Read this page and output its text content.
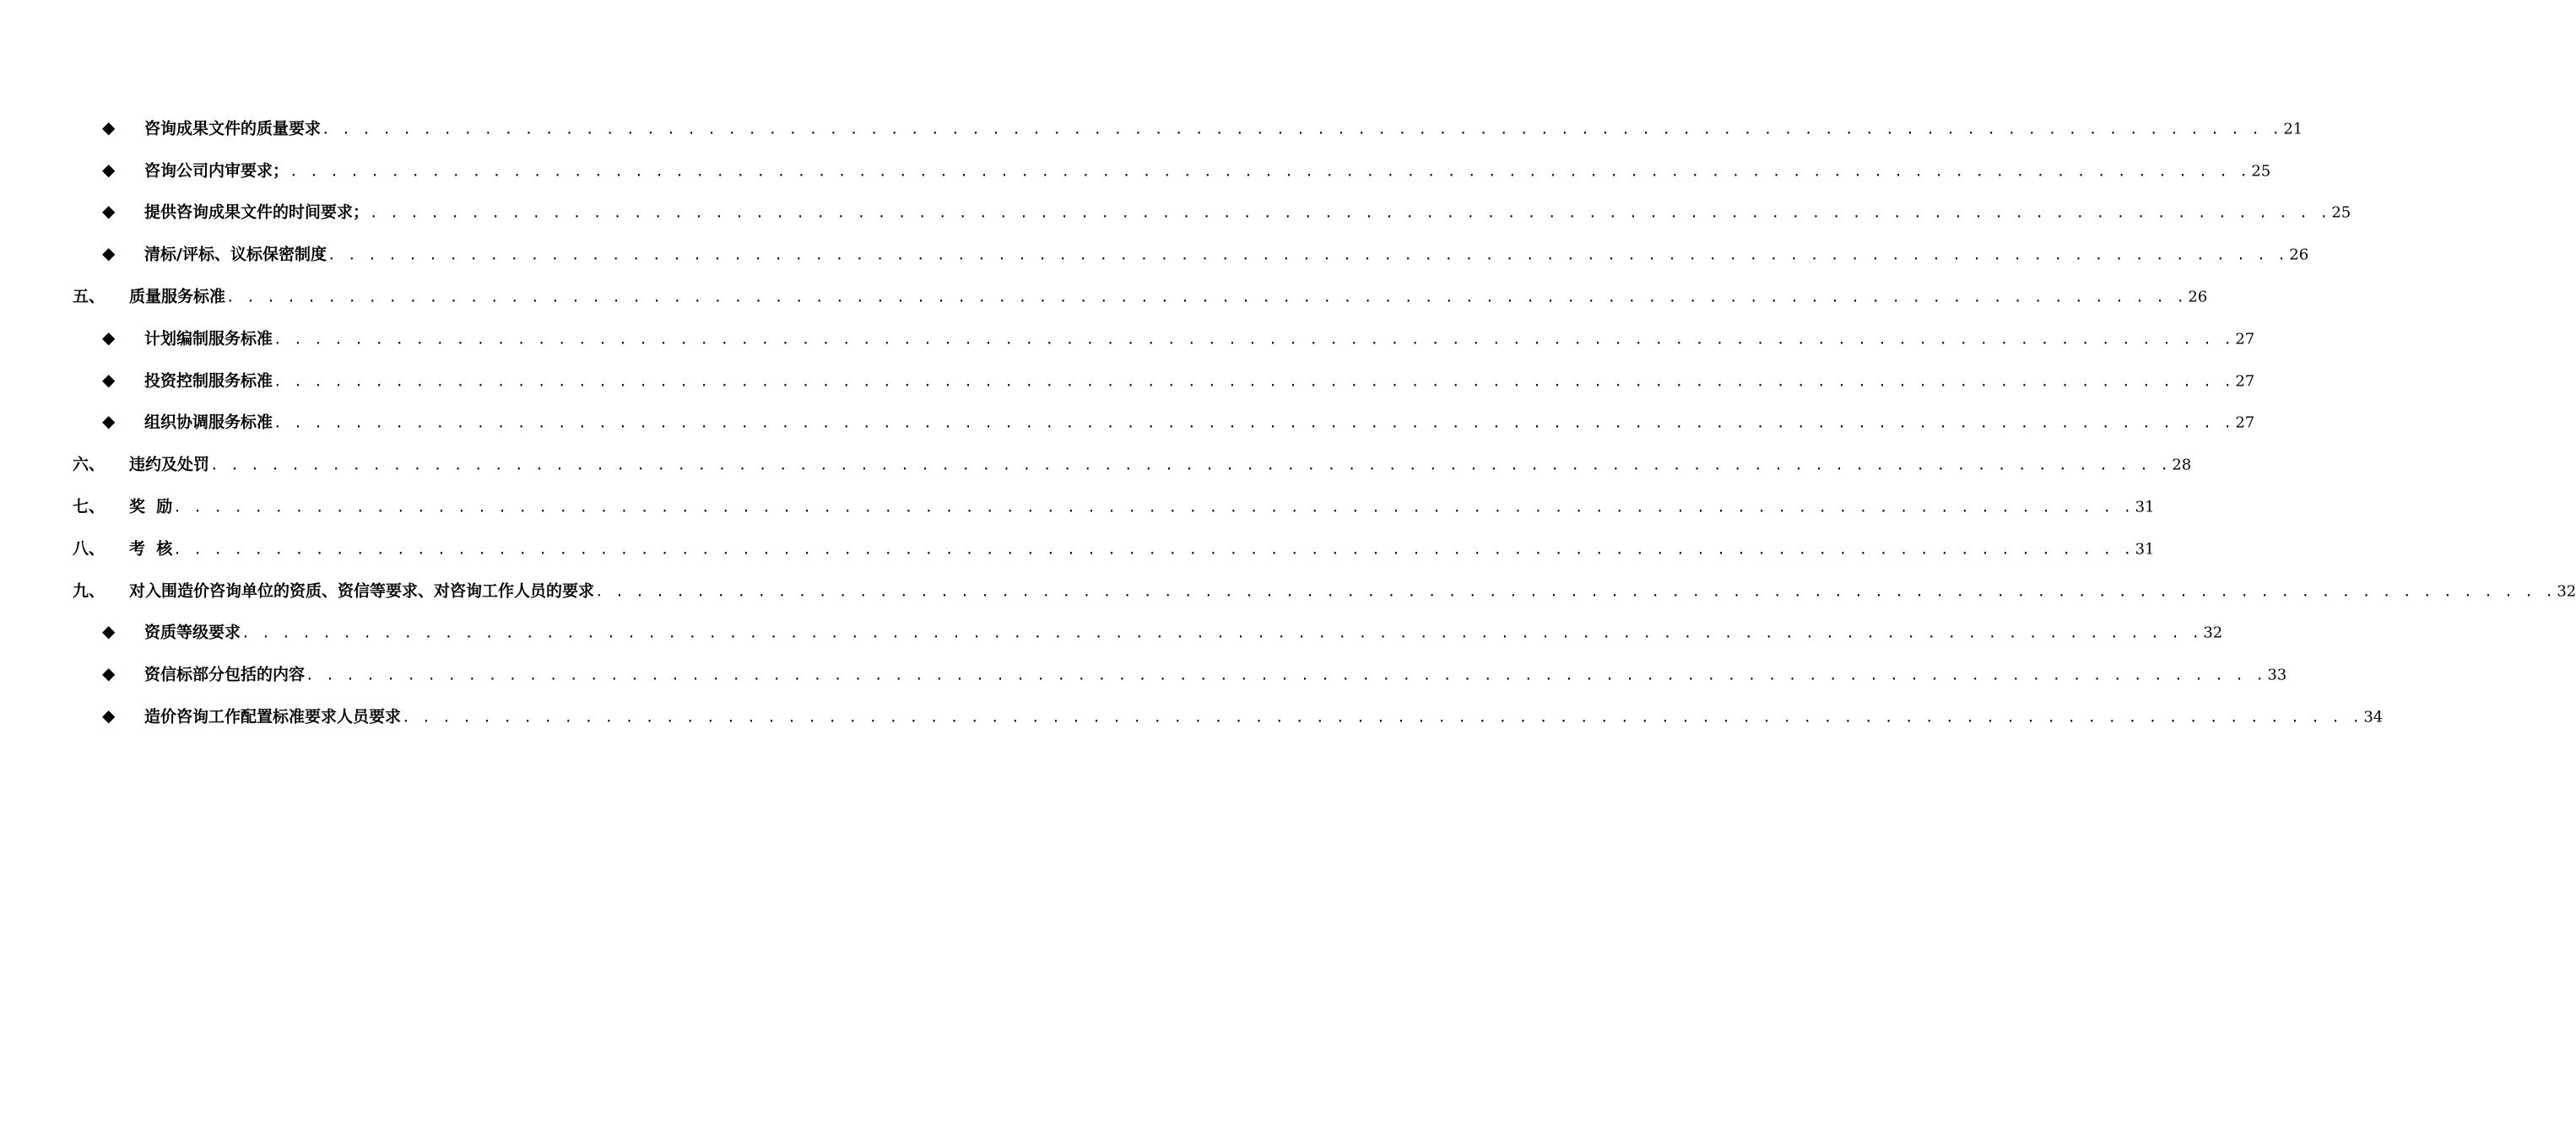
◆ 咨询成果文件的质量要求 . . . . . . . . . . . . . . . . . . . . . . . . . . . . . . . . . . . . . . . . . . . . . . . . . . . . . . . . . . . . . . . . . . . . . . . . . . . . . . . . . . . . . . . . . . . . . . . . . 21
◆ 咨询公司内审要求； . . . . . . . . . . . . . . . . . . . . . . . . . . . . . . . . . . . . . . . . . . . . . . . . . . . . . . . . . . . . . . . . . . . . . . . . . . . . . . . . . . . . . . . . . . . . . . . . . 25
◆ 提供咨询成果文件的时间要求； . . . . . . . . . . . . . . . . . . . . . . . . . . . . . . . . . . . . . . . . . . . . . . . . . . . . . . . . . . . . . . . . . . . . . . . . . . . . . . . . . . . . . . . . . . . . . . . . . 25
◆ 清标/评标、议标保密制度 . . . . . . . . . . . . . . . . . . . . . . . . . . . . . . . . . . . . . . . . . . . . . . . . . . . . . . . . . . . . . . . . . . . . . . . . . . . . . . . . . . . . . . . . . . . . . . . . . 26
五、 质量服务标准 . . . . . . . . . . . . . . . . . . . . . . . . . . . . . . . . . . . . . . . . . . . . . . . . . . . . . . . . . . . . . . . . . . . . . . . . . . . . . . . . . . . . . . . . . . . . . . . . . 26
◆ 计划编制服务标准 . . . . . . . . . . . . . . . . . . . . . . . . . . . . . . . . . . . . . . . . . . . . . . . . . . . . . . . . . . . . . . . . . . . . . . . . . . . . . . . . . . . . . . . . . . . . . . . . . 27
◆ 投资控制服务标准 . . . . . . . . . . . . . . . . . . . . . . . . . . . . . . . . . . . . . . . . . . . . . . . . . . . . . . . . . . . . . . . . . . . . . . . . . . . . . . . . . . . . . . . . . . . . . . . . . 27
◆ 组织协调服务标准 . . . . . . . . . . . . . . . . . . . . . . . . . . . . . . . . . . . . . . . . . . . . . . . . . . . . . . . . . . . . . . . . . . . . . . . . . . . . . . . . . . . . . . . . . . . . . . . . . 27
六、 违约及处罚 . . . . . . . . . . . . . . . . . . . . . . . . . . . . . . . . . . . . . . . . . . . . . . . . . . . . . . . . . . . . . . . . . . . . . . . . . . . . . . . . . . . . . . . . . . . . . . . . . 28
七、 奖  励 . . . . . . . . . . . . . . . . . . . . . . . . . . . . . . . . . . . . . . . . . . . . . . . . . . . . . . . . . . . . . . . . . . . . . . . . . . . . . . . . . . . . . . . . . . . . . . . . . 31
八、 考  核 . . . . . . . . . . . . . . . . . . . . . . . . . . . . . . . . . . . . . . . . . . . . . . . . . . . . . . . . . . . . . . . . . . . . . . . . . . . . . . . . . . . . . . . . . . . . . . . . . 31
九、 对入围造价咨询单位的资质、资信等要求、对咨询工作人员的要求 . . . . . . . . . . . . . . . . . . . . . . . . . . . . . . . . . . . . . . . . . . . . . . . . . . . . . . . . . . . . . . . . . . . . . . . . . . . . . . . . . . . . . . . . . . . . . . . . . 32
◆ 资质等级要求 . . . . . . . . . . . . . . . . . . . . . . . . . . . . . . . . . . . . . . . . . . . . . . . . . . . . . . . . . . . . . . . . . . . . . . . . . . . . . . . . . . . . . . . . . . . . . . . . . 32
◆ 资信标部分包括的内容 . . . . . . . . . . . . . . . . . . . . . . . . . . . . . . . . . . . . . . . . . . . . . . . . . . . . . . . . . . . . . . . . . . . . . . . . . . . . . . . . . . . . . . . . . . . . . . . . . 33
◆ 造价咨询工作配置标准要求人员要求 . . . . . . . . . . . . . . . . . . . . . . . . . . . . . . . . . . . . . . . . . . . . . . . . . . . . . . . . . . . . . . . . . . . . . . . . . . . . . . . . . . . . . . . . . . . . . . . . . 34
